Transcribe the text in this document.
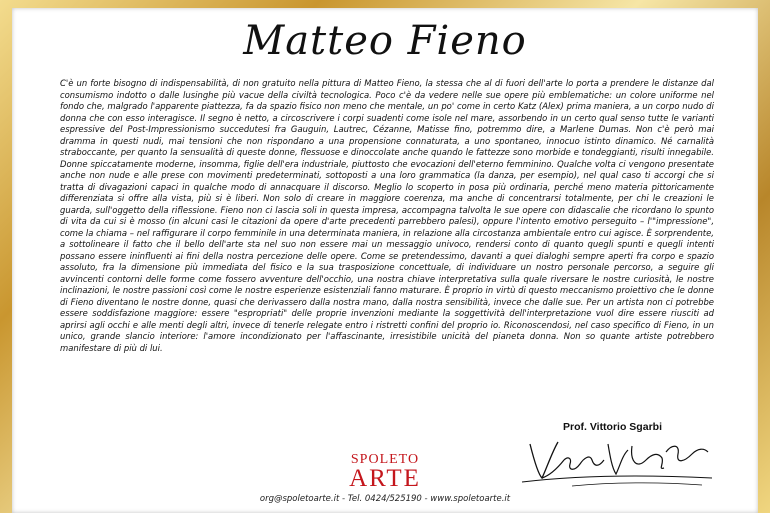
Matteo Fieno

C'è un forte bisogno di indispensabilità, di non gratuito nella pittura di Matteo Fieno, la stessa che al di fuori dell'arte lo porta a prendere le distanze dal consumismo indotto o dalle lusinghe più vacue della civiltà tecnologica. Poco c'è da vedere nelle sue opere più emblematiche: un colore uniforme nel fondo che, malgrado l'apparente piattezza, fa da spazio fisico non meno che mentale, un po' come in certo Katz (Alex) prima maniera, a un corpo nudo di donna che con esso interagisce. Il segno è netto, a circoscrivere i corpi suadenti come isole nel mare, assorbendo in un certo qual senso tutte le varianti espressive del Post-Impressionismo succedutesi fra Gauguin, Lautrec, Cézanne, Matisse fino, potremmo dire, a Marlene Dumas. Non c'è però mai dramma in questi nudi, mai tensioni che non rispondano a una propensione connaturata, a uno spontaneo, innocuo istinto dinamico. Né carnalità straboccante, per quanto la sensualità di queste donne, flessuose e dinoccolate anche quando le fattezze sono morbide e tondeggianti, risulti innegabile. Donne spiccatamente moderne, insomma, figlie dell'era industriale, piuttosto che evocazioni dell'eterno femminino. Qualche volta ci vengono presentate anche non nude e alle prese con movimenti predeterminati, sottoposti a una loro grammatica (la danza, per esempio), nel qual caso ti accorgi che si tratta di divagazioni capaci in qualche modo di annacquare il discorso. Meglio lo scoperto in posa più ordinaria, perché meno materia pittoricamente differenziata si offre alla vista, più si è liberi. Non solo di creare in maggiore coerenza, ma anche di concentrarsi totalmente, per chi le creazioni le guarda, sull'oggetto della riflessione. Fieno non ci lascia soli in questa impresa, accompagna talvolta le sue opere con didascalie che ricordano lo spunto di vita da cui si è mosso (in alcuni casi le citazioni da opere d'arte precedenti parrebbero palesi), oppure l'intento emotivo perseguito – l'"impressione", come la chiama – nel raffigurare il corpo femminile in una determinata maniera, in relazione alla circostanza ambientale entro cui agisce. È sorprendente, a sottolineare il fatto che il bello dell'arte sta nel suo non essere mai un messaggio univoco, rendersi conto di quanto quegli spunti e quegli intenti possano essere ininfluenti ai fini della nostra percezione delle opere. Come se pretendessimo, davanti a quei dialoghi sempre aperti fra corpo e spazio assoluto, fra la dimensione più immediata del fisico e la sua trasposizione concettuale, di individuare un nostro personale percorso, a seguire gli avvincenti contorni delle forme come fossero avventure dell'occhio, una nostra chiave interpretativa sulla quale riversare le nostre curiosità, le nostre inclinazioni, le nostre passioni così come le nostre esperienze esistenziali fanno maturare. È proprio in virtù di questo meccanismo proiettivo che le donne di Fieno diventano le nostre donne, quasi che derivassero dalla nostra mano, dalla nostra sensibilità, invece che dalle sue. Per un artista non ci potrebbe essere soddisfazione maggiore: essere "espropriati" delle proprie invenzioni mediante la soggettività dell'interpretazione vuol dire essere riusciti ad aprirsi agli occhi e alle menti degli altri, invece di tenerle relegate entro i ristretti confini del proprio io. Riconoscendosi, nel caso specifico di Fieno, in un unico, grande slancio interiore: l'amore incondizionato per l'affascinante, irresistibile unicità del pianeta donna. Non so quante artiste potrebbero manifestare di più di lui.

Prof. Vittorio Sgarbi
SPOLETO
ARTE
org@spoletoarte.it - Tel. 0424/525190 - www.spoletoarte.it
